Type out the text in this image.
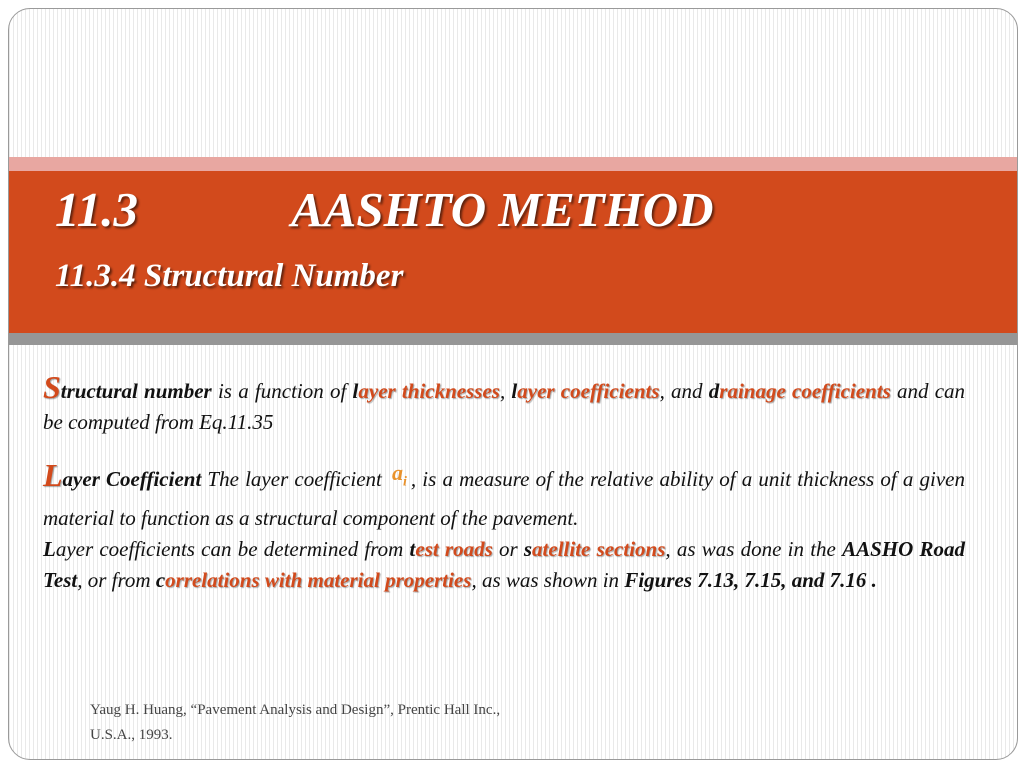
11.3	AASHTO METHOD
11.3.4 Structural Number

Structural number is a function of layer thicknesses, layer coefficients, and drainage coefficients and can be computed from Eq.11.35

Layer Coefficient The layer coefficient $a_i$ , is a measure of the relative ability of a unit thickness of a given material to function as a structural component of the pavement.
Layer coefficients can be determined from test roads or satellite sections, as was done in the AASHO Road Test, or from correlations with material properties, as was shown in Figures 7.13, 7.15, and 7.16 .

Yaug H. Huang, “Pavement Analysis and Design”, Prentic Hall Inc.,
U.S.A., 1993.
